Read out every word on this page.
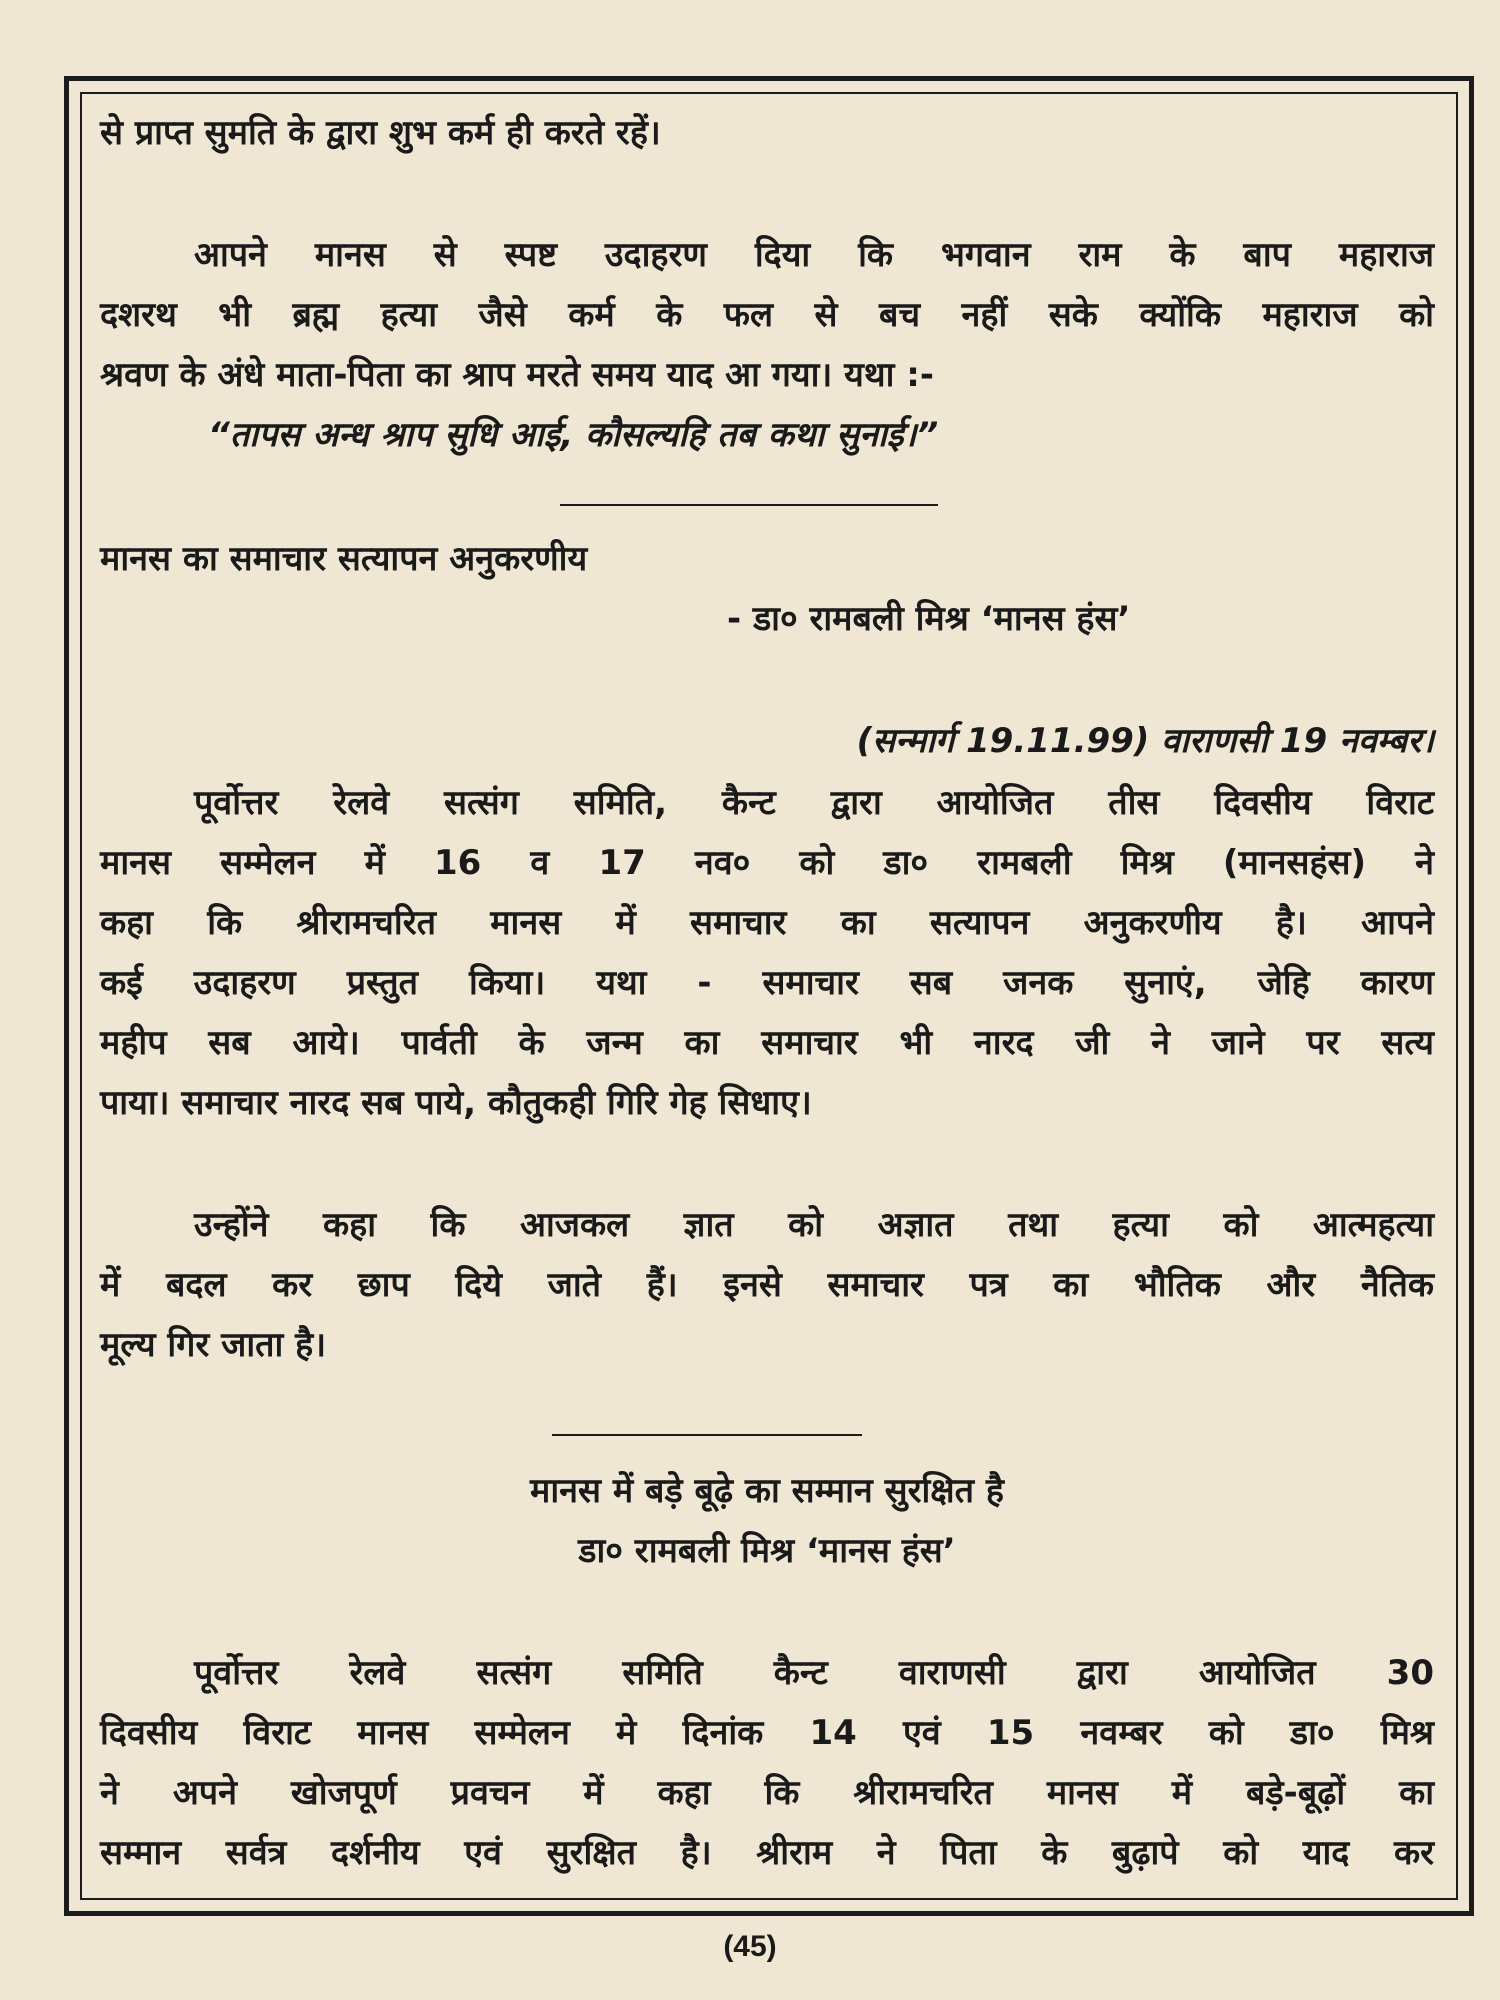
से प्राप्त सुमति के द्वारा शुभ कर्म ही करते रहें।
आपने मानस से स्पष्ट उदाहरण दिया कि भगवान राम के बाप महाराज
दशरथ भी ब्रह्म हत्या जैसे कर्म के फल से बच नहीं सके क्योंकि महाराज को
श्रवण के अंधे माता-पिता का श्राप मरते समय याद आ गया। यथा :-
“तापस अन्ध श्राप सुधि आई, कौसल्यहि तब कथा सुनाई।”
मानस का समाचार सत्यापन अनुकरणीय
- डा० रामबली मिश्र ‘मानस हंस’
(सन्मार्ग 19.11.99) वाराणसी 19 नवम्बर।
पूर्वोत्तर रेलवे सत्संग समिति, कैन्ट द्वारा आयोजित तीस दिवसीय विराट
मानस सम्मेलन में 16 व 17 नव० को डा० रामबली मिश्र (मानसहंस) ने
कहा कि श्रीरामचरित मानस में समाचार का सत्यापन अनुकरणीय है। आपने
कई उदाहरण प्रस्तुत किया। यथा - समाचार सब जनक सुनाएं, जेहि कारण
महीप सब आये। पार्वती के जन्म का समाचार भी नारद जी ने जाने पर सत्य
पाया। समाचार नारद सब पाये, कौतुकही गिरि गेह सिधाए।
उन्होंने कहा कि आजकल ज्ञात को अज्ञात तथा हत्या को आत्महत्या
में बदल कर छाप दिये जाते हैं। इनसे समाचार पत्र का भौतिक और नैतिक
मूल्य गिर जाता है।
मानस में बड़े बूढ़े का सम्मान सुरक्षित है
डा० रामबली मिश्र ‘मानस हंस’
पूर्वोत्तर रेलवे सत्संग समिति कैन्ट वाराणसी द्वारा आयोजित 30
दिवसीय विराट मानस सम्मेलन मे दिनांक 14 एवं 15 नवम्बर को डा० मिश्र
ने अपने खोजपूर्ण प्रवचन में कहा कि श्रीरामचरित मानस में बड़े-बूढ़ों का
सम्मान सर्वत्र दर्शनीय एवं सुरक्षित है। श्रीराम ने पिता के बुढ़ापे को याद कर
(45)
